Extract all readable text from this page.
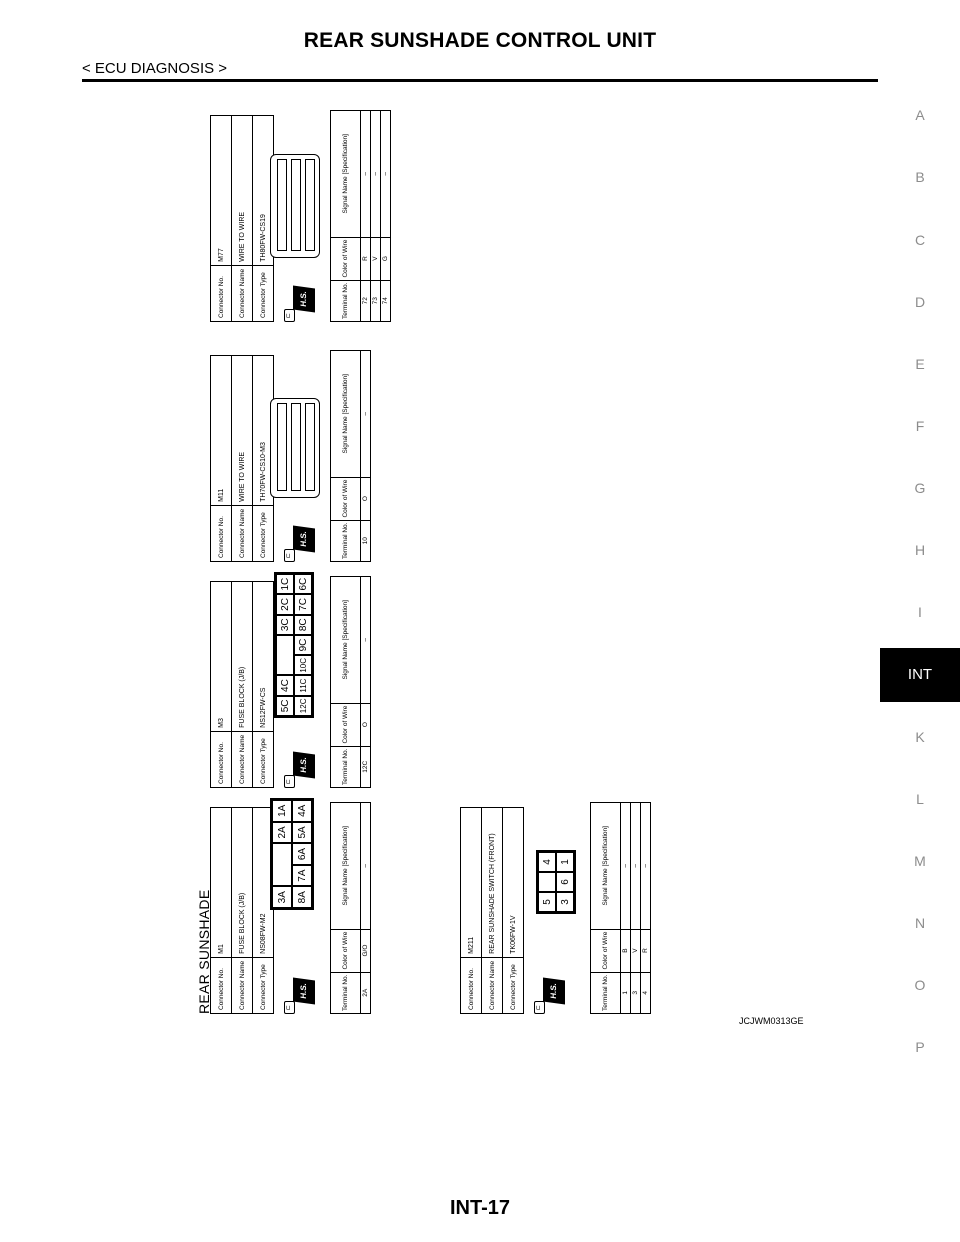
REAR SUNSHADE CONTROL UNIT
< ECU DIAGNOSIS >
A
B
C
D
E
F
G
H
I
INT
K
L
M
N
O
P
REAR SUNSHADE Connector No.	M1
Connector Name	FUSE BLOCK (J/B)
Connector Type	NS08FW-M2
⊏
H.S.
3A
2A
1A
8A
7A
6A
5A
4A
Terminal No.	Color of Wire	Signal Name [Specification]
2A	G/O	–
Connector No.	M211
Connector Name	REAR SUNSHADE SWITCH (FRONT)
Connector Type	TK06FW-1V
⊏
H.S.
5
4
3
6
1
Terminal No.	Color of Wire	Signal Name [Specification]
1	B	–
3	V	–
4	R	–
Connector No.	M3
Connector Name	FUSE BLOCK (J/B)
Connector Type	NS12FW-CS
⊏
H.S.
5C
4C
3C
2C
1C
12C
11C
10C
9C
8C
7C
6C
Terminal No.	Color of Wire	Signal Name [Specification]
12C	O	–
Connector No.	M11
Connector Name	WIRE TO WIRE
Connector Type	TH70FW-CS10-M3
⊏
H.S.	Terminal No.	Color of Wire	Signal Name [Specification]
10	O	–
Connector No.	M77
Connector Name	WIRE TO WIRE
Connector Type	TH80FW-CS19
⊏
H.S.	Terminal No.	Color of Wire	Signal Name [Specification]
72	R	–
73	V	–
74	G	–
JCJWM0313GE
INT-17
